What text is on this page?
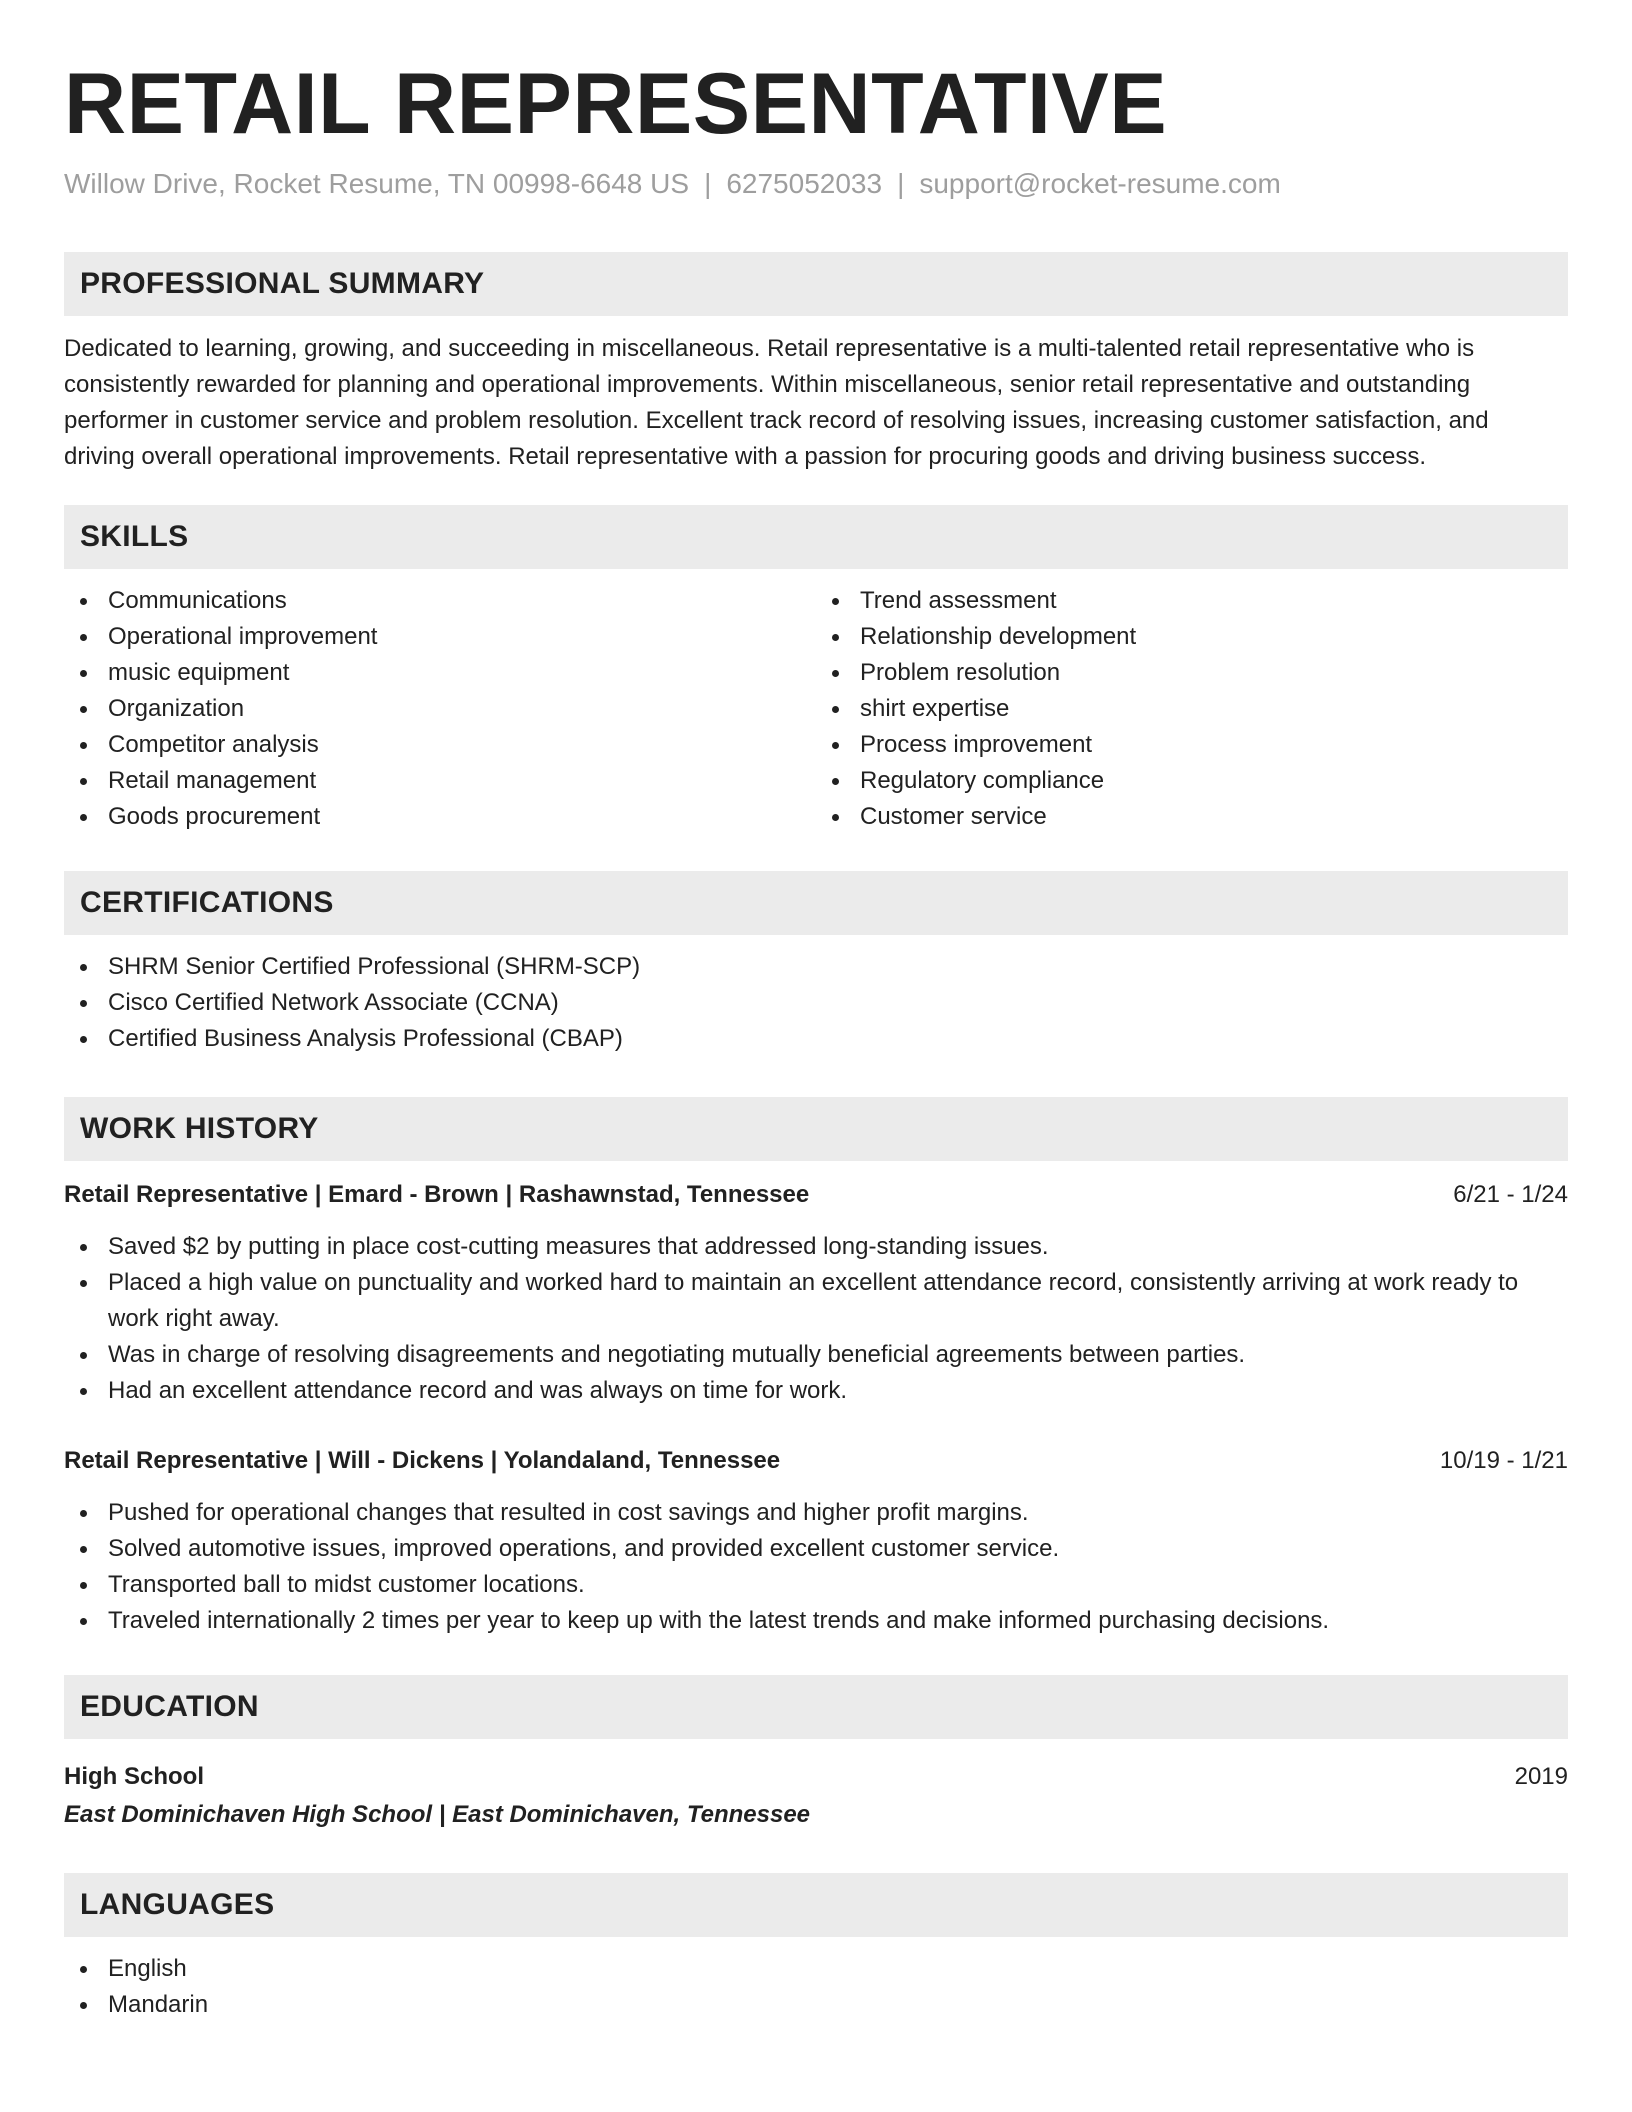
RETAIL REPRESENTATIVE
Willow Drive, Rocket Resume, TN 00998-6648 US | 6275052033 | support@rocket-resume.com
PROFESSIONAL SUMMARY

Dedicated to learning, growing, and succeeding in miscellaneous. Retail representative is a multi-talented retail representative who is consistently rewarded for planning and operational improvements. Within miscellaneous, senior retail representative and outstanding performer in customer service and problem resolution. Excellent track record of resolving issues, increasing customer satisfaction, and driving overall operational improvements. Retail representative with a passion for procuring goods and driving business success.

SKILLS
Communications
Operational improvement
music equipment
Organization
Competitor analysis
Retail management
Goods procurement
Trend assessment
Relationship development
Problem resolution
shirt expertise
Process improvement
Regulatory compliance
Customer service
CERTIFICATIONS
SHRM Senior Certified Professional (SHRM-SCP)
Cisco Certified Network Associate (CCNA)
Certified Business Analysis Professional (CBAP)
WORK HISTORY
Retail Representative | Emard - Brown | Rashawnstad, Tennessee	6/21 - 1/24
Saved $2 by putting in place cost-cutting measures that addressed long-standing issues.
Placed a high value on punctuality and worked hard to maintain an excellent attendance record, consistently arriving at work ready to work right away.
Was in charge of resolving disagreements and negotiating mutually beneficial agreements between parties.
Had an excellent attendance record and was always on time for work.
Retail Representative | Will - Dickens | Yolandaland, Tennessee	10/19 - 1/21
Pushed for operational changes that resulted in cost savings and higher profit margins.
Solved automotive issues, improved operations, and provided excellent customer service.
Transported ball to midst customer locations.
Traveled internationally 2 times per year to keep up with the latest trends and make informed purchasing decisions.
EDUCATION
High School	2019
East Dominichaven High School | East Dominichaven, Tennessee
LANGUAGES
English
Mandarin
